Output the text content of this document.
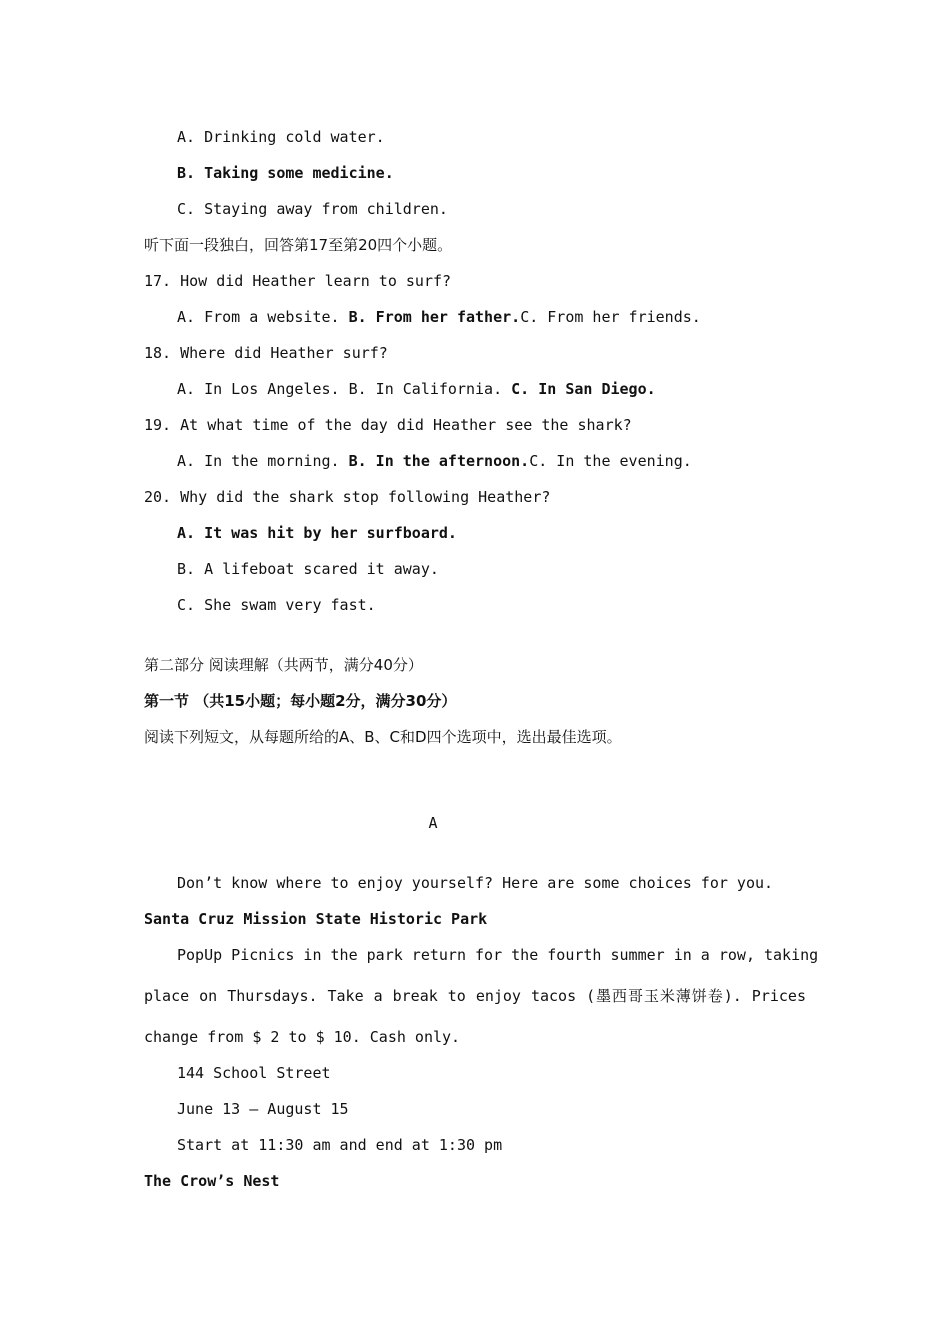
A. Drinking cold water.
B. Taking some medicine.
C. Staying away from children.
听下面一段独白，回答第17至第20四个小题。
17. How did Heather learn to surf?
A. From a website. B. From her father.C. From her friends.
18. Where did Heather surf?
A. In Los Angeles. B. In California. C. In San Diego.
19. At what time of the day did Heather see the shark?
A. In the morning. B. In the afternoon.C. In the evening.
20. Why did the shark stop following Heather?
A. It was hit by her surfboard.
B. A lifeboat scared it away.
C. She swam very fast.
第二部分 阅读理解（共两节，满分40分）
第一节 （共15小题；每小题2分，满分30分）
阅读下列短文，从每题所给的A、B、C和D四个选项中，选出最佳选项。
A
Don’t know where to enjoy yourself? Here are some choices for you.
Santa Cruz Mission State Historic Park
PopUp Picnics in the park return for the fourth summer in a row, taking
place on Thursdays. Take a break to enjoy tacos (墨西哥玉米薄饼卷). Prices
change from $ 2 to $ 10. Cash only.
144 School Street
June 13 — August 15
Start at 11:30 am and end at 1:30 pm
The Crow’s Nest
